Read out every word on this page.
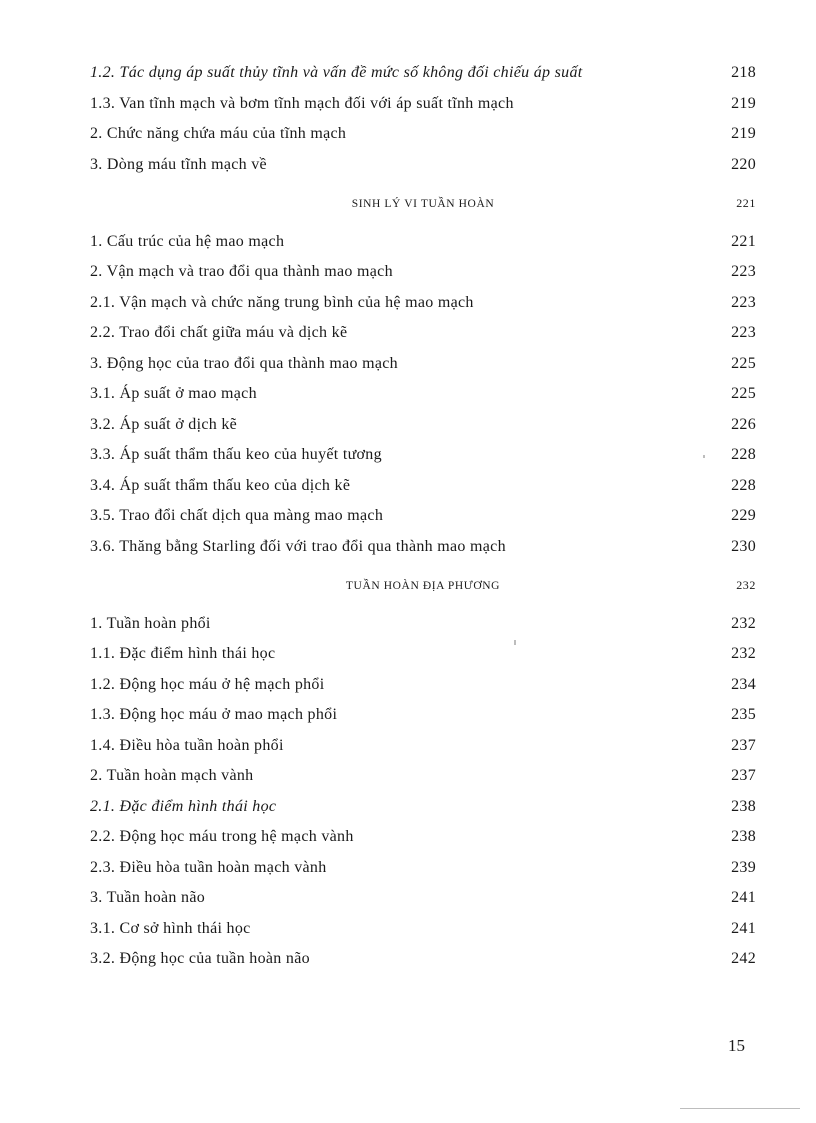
1.2. Tác dụng áp suất thủy tĩnh và vấn đề mức số không đối chiếu áp suất	218
1.3. Van tĩnh mạch và bơm tĩnh mạch đối với áp suất tĩnh mạch	219
2. Chức năng chứa máu của tĩnh mạch	219
3. Dòng máu tĩnh mạch về	220
SINH LÝ VI TUẦN HOÀN	221
1. Cấu trúc của hệ mao mạch	221
2. Vận mạch và trao đổi qua thành mao mạch	223
2.1. Vận mạch và chức năng trung bình của hệ mao mạch	223
2.2. Trao đổi chất giữa máu và dịch kẽ	223
3. Động học của trao đổi qua thành mao mạch	225
3.1. Áp suất ở mao mạch	225
3.2. Áp suất ở dịch kẽ	226
3.3. Áp suất thẩm thấu keo của huyết tương	228
3.4. Áp suất thẩm thấu keo của dịch kẽ	228
3.5. Trao đổi chất dịch qua màng mao mạch	229
3.6. Thăng bằng Starling đối với trao đổi qua thành mao mạch	230
TUẦN HOÀN ĐỊA PHƯƠNG	232
1. Tuần hoàn phổi	232
1.1. Đặc điểm hình thái học	232
1.2. Động học máu ở hệ mạch phổi	234
1.3. Động học máu ở mao mạch phổi	235
1.4. Điều hòa tuần hoàn phổi	237
2. Tuần hoàn mạch vành	237
2.1. Đặc điểm hình thái học	238
2.2. Động học máu trong hệ mạch vành	238
2.3. Điều hòa tuần hoàn mạch vành	239
3. Tuần hoàn não	241
3.1. Cơ sở hình thái học	241
3.2. Động học của tuần hoàn não	242
15
